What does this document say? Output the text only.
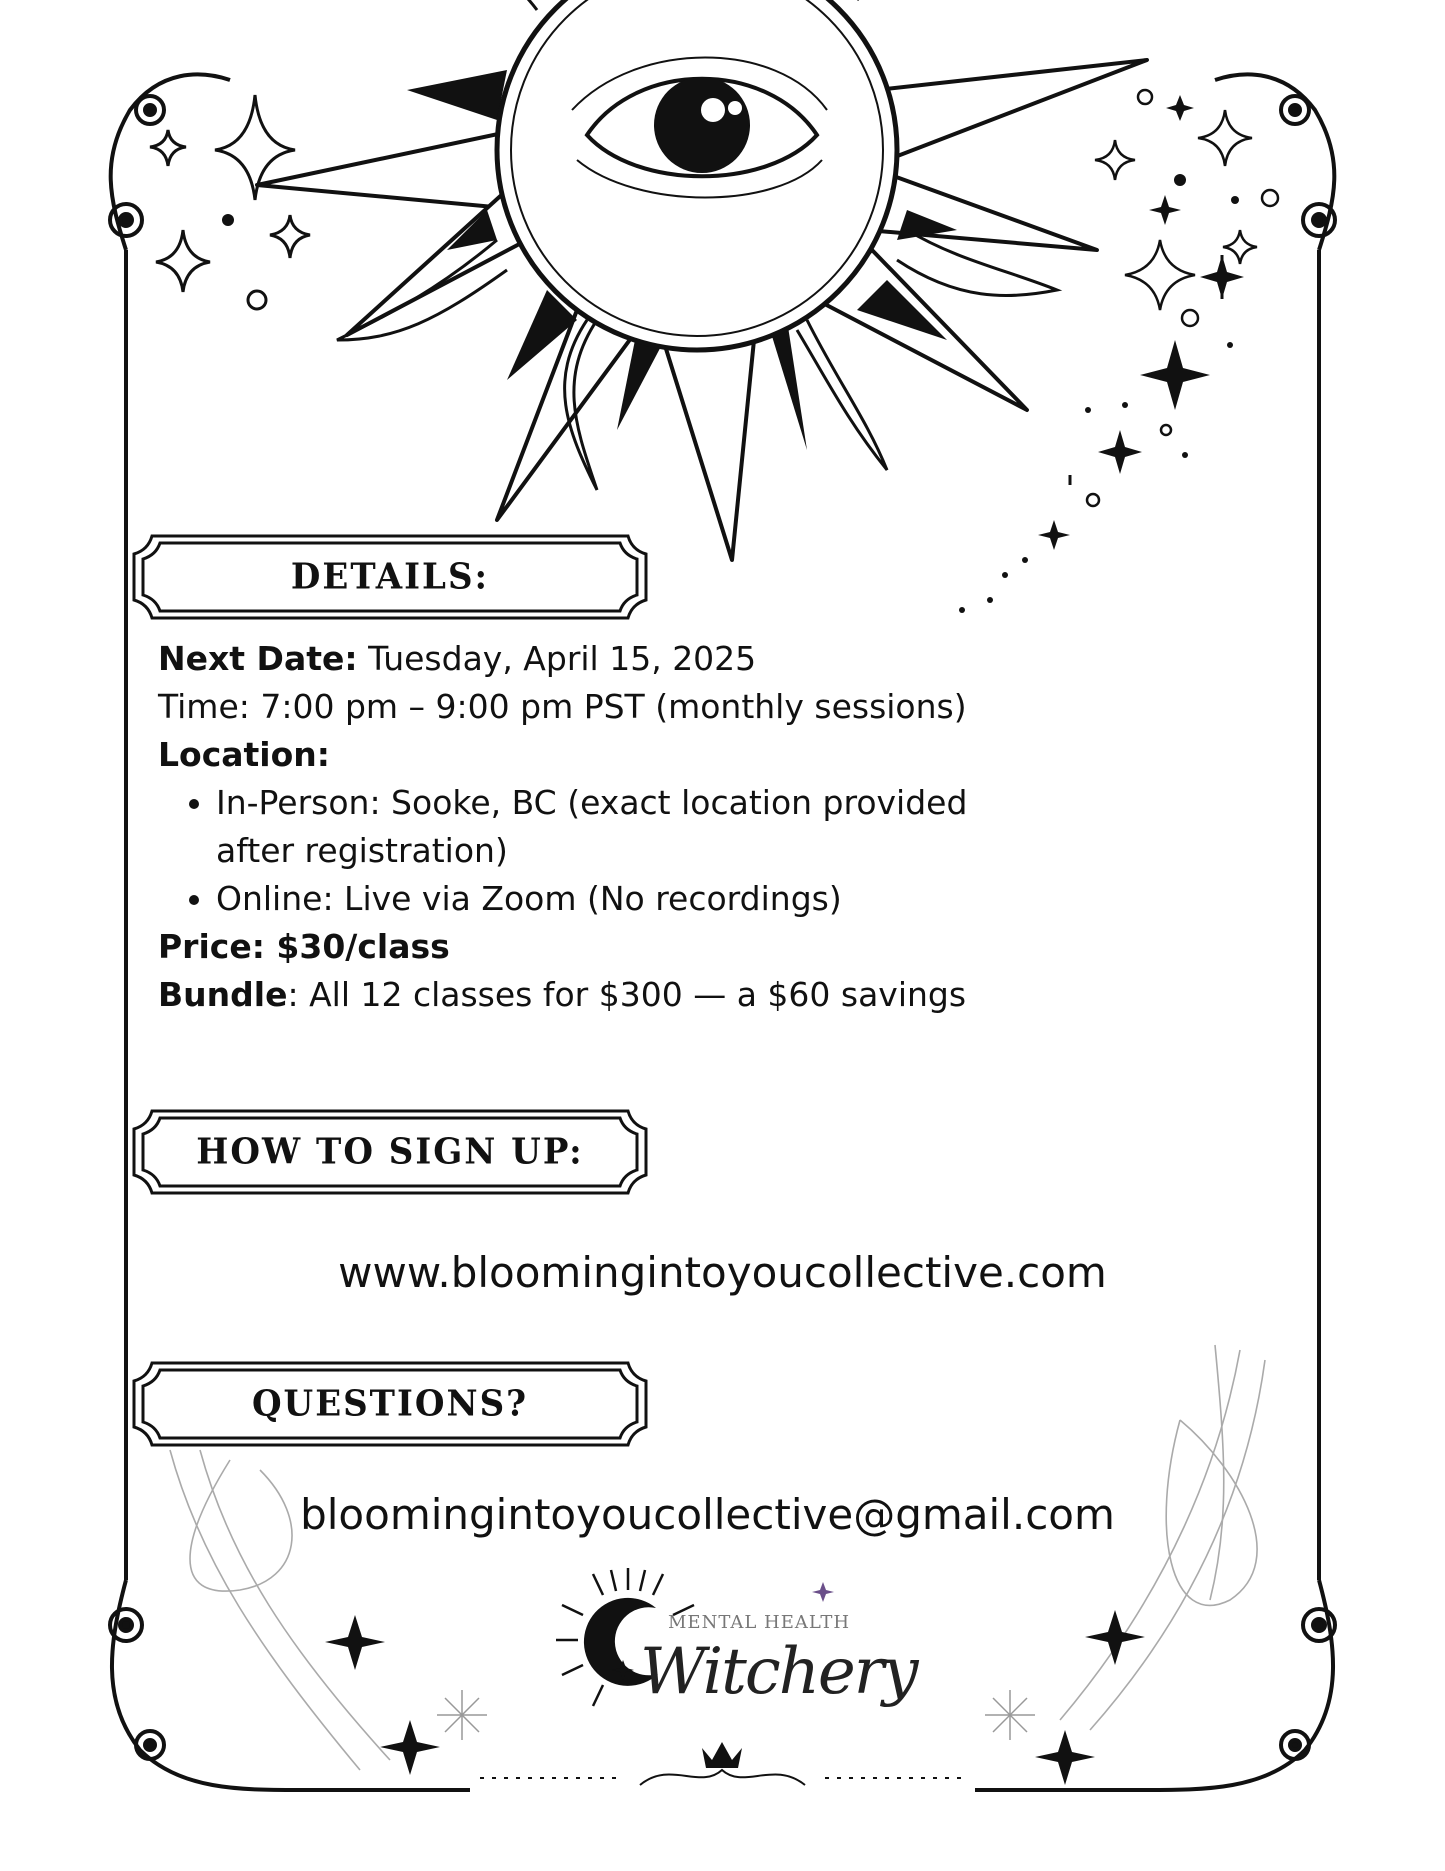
DETAILS:
HOW TO SIGN UP:
QUESTIONS?
Next Date: Tuesday, April 15, 2025
Time: 7:00 pm – 9:00 pm PST (monthly sessions)
Location:
• In-Person: Sooke, BC (exact location provided after registration)
• Online: Live via Zoom (No recordings)
Price: $30/class
Bundle: All 12 classes for $300 — a $60 savings
www.bloomingintoyoucollective.com
bloomingintoyoucollective@gmail.com
MENTAL HEALTH
Witchery
